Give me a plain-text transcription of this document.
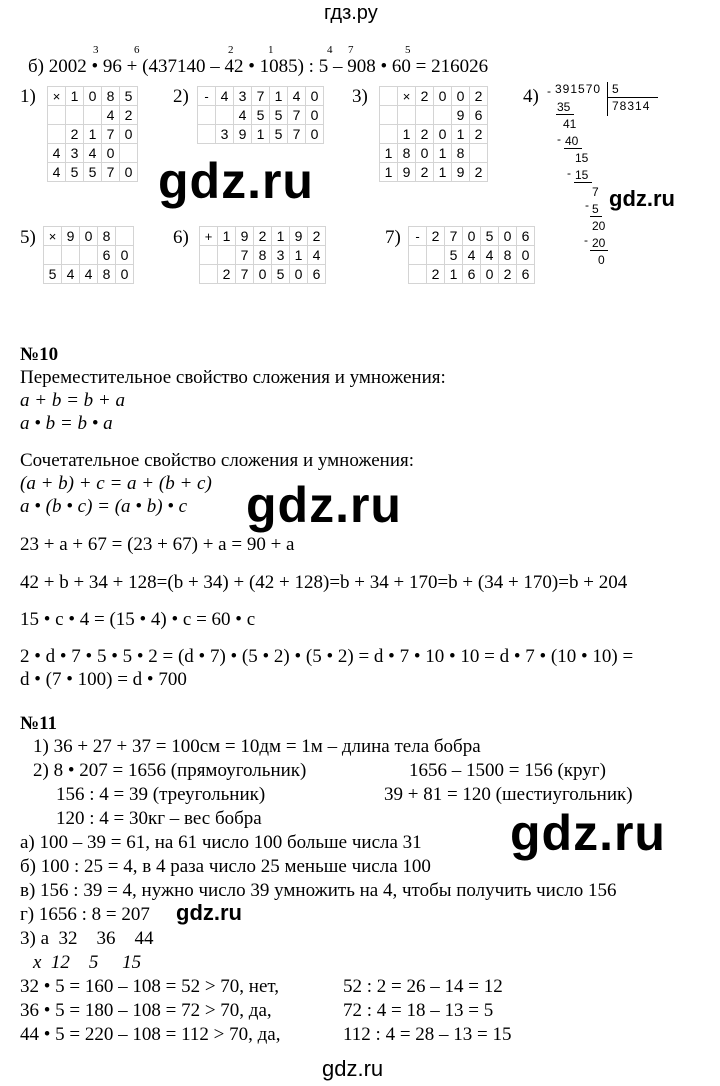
гдз.ру
3	6	2	1	4 7	5
б) 2002 • 96 + (437140 – 42 • 1085) : 5 – 908 • 60 = 216026
1)	2)	3)	4)
5)	6)	7)
×	1	0	8	5
			4	2
	2	1	7	0
4	3	4	0	
4	5	5	7	0
-	4	3	7	1	4	0
		4	5	5	7	0
	3	9	1	5	7	0
	×	2	0	0	2
				9	6
	1	2	0	1	2
1	8	0	1	8	
1	9	2	1	9	2
- 391570 5
78314
35
41
- 40
15
- 15
7
- 5
20
- 20
0
×	9	0	8	
			6	0
5	4	4	8	0
+	1	9	2	1	9	2
		7	8	3	1	4
	2	7	0	5	0	6
-	2	7	0	5	0	6
		5	4	4	8	0
	2	1	6	0	2	6
gdz.ru	gdz.ru
№10
Переместительное свойство сложения и умножения:
a + b = b + a
a • b = b • a
Сочетательное свойство сложения и умножения:
(a + b) + c = a + (b + c)
a • (b • c) = (a • b) • c gdz.ru
23 + a + 67 = (23 + 67) + a = 90 + a
42 + b + 34 + 128=(b + 34) + (42 + 128)=b + 34 + 170=b + (34 + 170)=b + 204
15 • c • 4 = (15 • 4) • c = 60 • c
2 • d • 7 • 5 • 5 • 2 = (d • 7) • (5 • 2) • (5 • 2) = d • 7 • 10 • 10 = d • 7 • (10 • 10) =
d • (7 • 100) = d • 700
№11
1) 36 + 27 + 37 = 100см = 10дм = 1м – длина тела бобра
2) 8 • 207 = 1656 (прямоугольник)	1656 – 1500 = 156 (круг)
156 : 4 = 39 (треугольник)	39 + 81 = 120 (шестиугольник)
120 : 4 = 30кг – вес бобра	gdz.ru
а) 100 – 39 = 61, на 61 число 100 больше числа 31
б) 100 : 25 = 4, в 4 раза число 25 меньше числа 100
в) 156 : 39 = 4, нужно число 39 умножить на 4, чтобы получить число 156
г) 1656 : 8 = 207 gdz.ru
3) a  32    36    44
x  12    5     15
32 • 5 = 160 – 108 = 52 > 70, нет,	52 : 2 = 26 – 14 = 12
36 • 5 = 180 – 108 = 72 > 70, да,	72 : 4 = 18 – 13 = 5
44 • 5 = 220 – 108 = 112 > 70, да,	112 : 4 = 28 – 13 = 15
gdz.ru
